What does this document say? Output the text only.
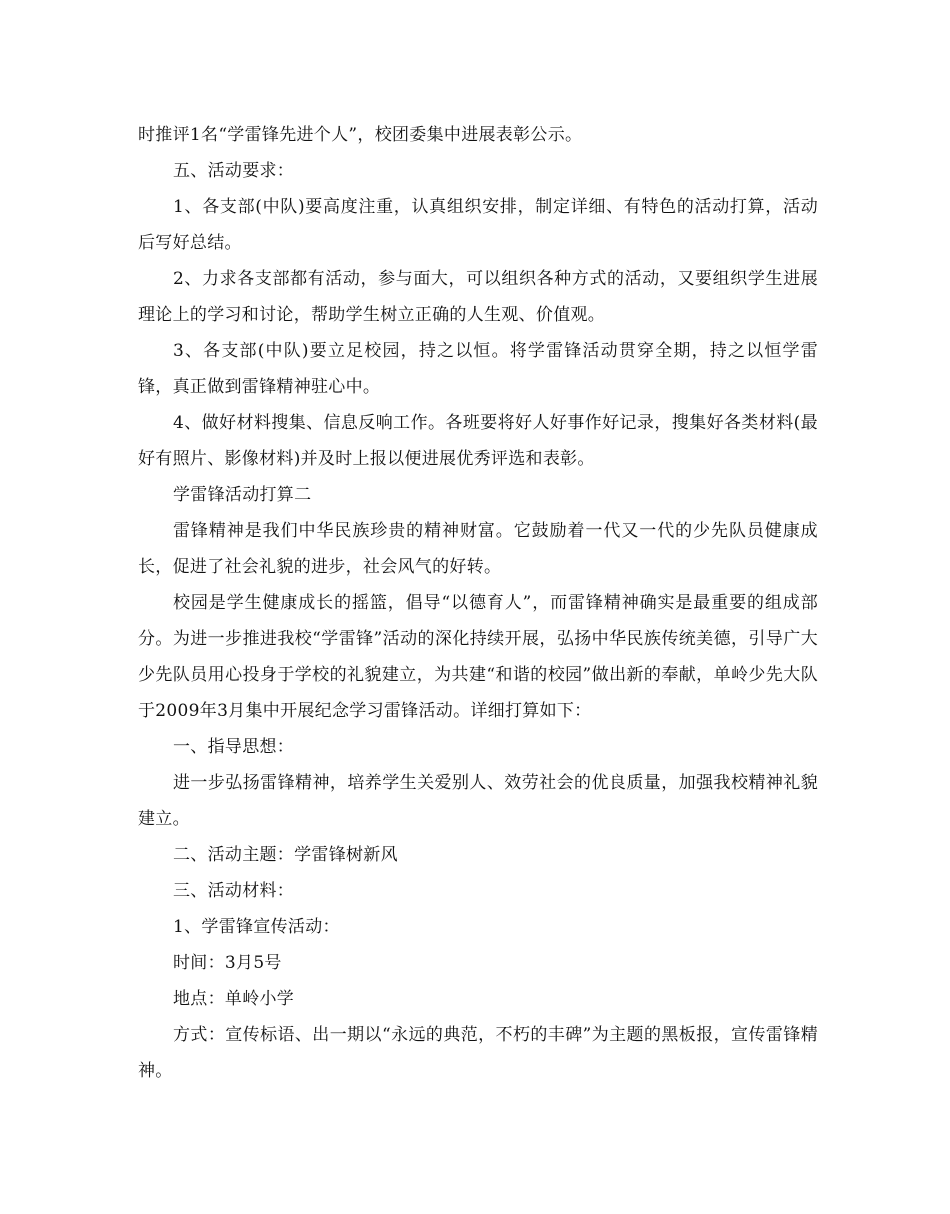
时推评1名“学雷锋先进个人”，校团委集中进展表彰公示。

五、活动要求：

1、各支部(中队)要高度注重，认真组织安排，制定详细、有特色的活动打算，活动后写好总结。

2、力求各支部都有活动，参与面大，可以组织各种方式的活动，又要组织学生进展理论上的学习和讨论，帮助学生树立正确的人生观、价值观。

3、各支部(中队)要立足校园，持之以恒。将学雷锋活动贯穿全期，持之以恒学雷锋，真正做到雷锋精神驻心中。

4、做好材料搜集、信息反响工作。各班要将好人好事作好记录，搜集好各类材料(最好有照片、影像材料)并及时上报以便进展优秀评选和表彰。

学雷锋活动打算二

雷锋精神是我们中华民族珍贵的精神财富。它鼓励着一代又一代的少先队员健康成长，促进了社会礼貌的进步，社会风气的好转。

校园是学生健康成长的摇篮，倡导“以德育人”，而雷锋精神确实是最重要的组成部分。为进一步推进我校“学雷锋”活动的深化持续开展，弘扬中华民族传统美德，引导广大少先队员用心投身于学校的礼貌建立，为共建“和谐的校园”做出新的奉献，单岭少先大队于2009年3月集中开展纪念学习雷锋活动。详细打算如下：

一、指导思想：

进一步弘扬雷锋精神，培养学生关爱别人、效劳社会的优良质量，加强我校精神礼貌建立。

二、活动主题：学雷锋树新风

三、活动材料：

1、学雷锋宣传活动：

时间：3月5号

地点：单岭小学

方式：宣传标语、出一期以“永远的典范，不朽的丰碑”为主题的黑板报，宣传雷锋精神。
